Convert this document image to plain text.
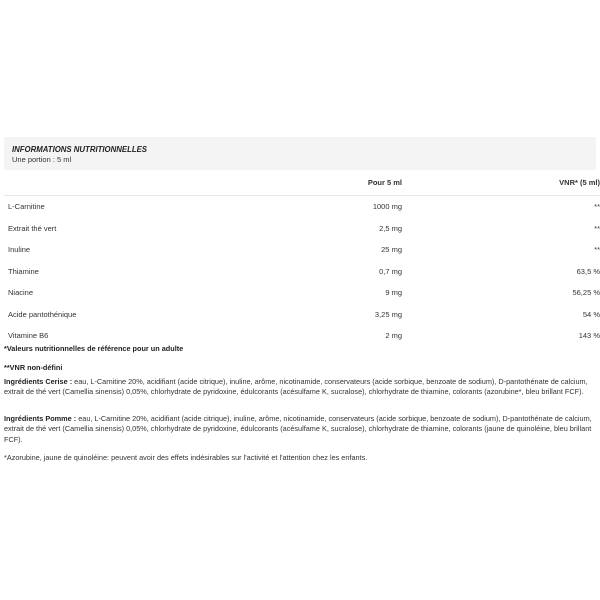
INFORMATIONS NUTRITIONNELLES
Une portion : 5 ml
	Pour 5 ml	VNR* (5 ml)
L-Carnitine	1000 mg	**
Extrait thé vert	2,5 mg	**
Inuline	25 mg	**
Thiamine	0,7 mg	63,5 %
Niacine	9 mg	56,25 %
Acide pantothénique	3,25 mg	54 %
Vitamine B6	2 mg	143 %
*Valeurs nutritionnelles de référence pour un adulte
**VNR non-défini
Ingrédients Cerise : eau, L-Carnitine 20%, acidifiant (acide citrique), inuline, arôme, nicotinamide, conservateurs (acide sorbique, benzoate de sodium), D-pantothénate de calcium, extrait de thé vert (Camellia sinensis) 0,05%, chlorhydrate de pyridoxine, édulcorants (acésulfame K, sucralose), chlorhydrate de thiamine, colorants (azorubine*, bleu brillant FCF).
Ingrédients Pomme : eau, L-Carnitine 20%, acidifiant (acide citrique), inuline, arôme, nicotinamide, conservateurs (acide sorbique, benzoate de sodium), D-pantothénate de calcium, extrait de thé vert (Camellia sinensis) 0,05%, chlorhydrate de pyridoxine, édulcorants (acésulfame K, sucralose), chlorhydrate de thiamine, colorants (jaune de quinoléine, bleu brillant FCF).
*Azorubine, jaune de quinoléine: peuvent avoir des effets indésirables sur l'activité et l'attention chez les enfants.
